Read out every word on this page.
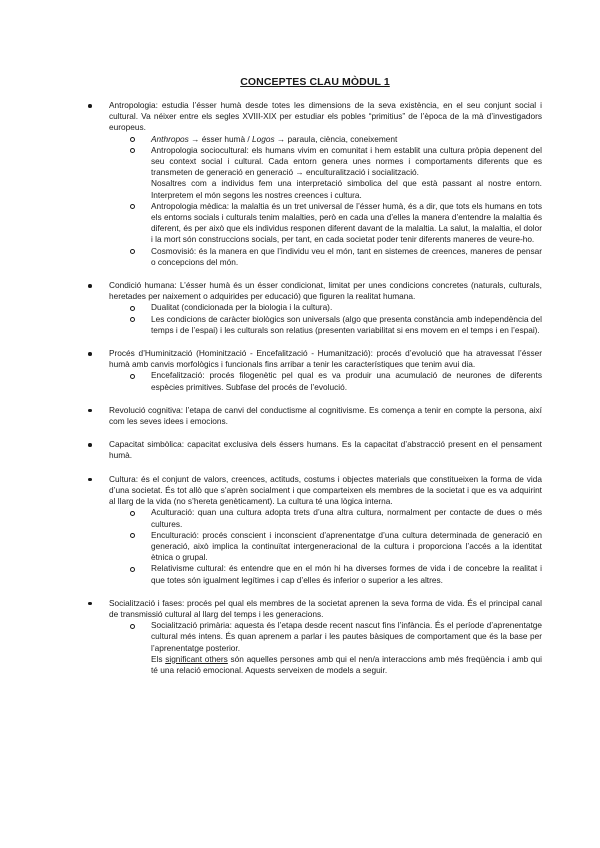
CONCEPTES CLAU MÒDUL 1
Antropologia: estudia l’ésser humà desde totes les dimensions de la seva existència, en el seu conjunt social i cultural. Va néixer entre els segles XVIII-XIX per estudiar els pobles “primitius” de l’època de la mà d’investigadors europeus.
Anthropos → ésser humà / Logos → paraula, ciència, coneixement
Antropologia sociocultural: els humans vivim en comunitat i hem establit una cultura pròpia depenent del seu context social i cultural. Cada entorn genera unes normes i comportaments diferents que es transmeten de generació en generació → enculturalització i socialització.
Nosaltres com a individus fem una interpretació simbolica del que està passant al nostre entorn. Interpretem el món segons les nostres creences i cultura.
Antropologia mèdica: la malaltia és un tret universal de l’ésser humà, és a dir, que tots els humans en tots els entorns socials i culturals tenim malalties, però en cada una d’elles la manera d’entendre la malaltia és diferent, és per això que els individus responen diferent davant de la malaltia. La salut, la malaltia, el dolor i la mort són construccions socials, per tant, en cada societat poder tenir diferents maneres de veure-ho.
Cosmovisió: és la manera en que l’individu veu el món, tant en sistemes de creences, maneres de pensar o concepcions del món.
Condició humana: L’ésser humà és un ésser condicionat, limitat per unes condicions concretes (naturals, culturals, heretades per naixement o adquirides per educació) que figuren la realitat humana.
Dualitat (condicionada per la biologia i la cultura).
Les condicions de caràcter biològics son universals (algo que presenta constància amb independència del temps i de l’espai) i les culturals son relatius (presenten variabilitat si ens movem en el temps i en l’espai).
Procés d’Huminització (Hominització - Encefalització - Humanització): procés d’evolució que ha atravessat l’ésser humà amb canvis morfològics i funcionals fins arribar a tenir les característiques que tenim avui dia.
Encefalització: procés filogenètic pel qual es va produir una acumulació de neurones de diferents espècies primitives. Subfase del procés de l’evolució.
Revolució cognitiva: l’etapa de canvi del conductisme al cognitivisme. Es comença a tenir en compte la persona, així com les seves idees i emocions.
Capacitat simbòlica: capacitat exclusiva dels éssers humans. Es la capacitat d’abstracció present en el pensament humà.
Cultura: és el conjunt de valors, creences, actituds, costums i objectes materials que constitueixen la forma de vida d’una societat. És tot allò que s’aprèn socialment i que comparteixen els membres de la societat i que es va adquirint al llarg de la vida (no s’hereta genèticament). La cultura té una lògica interna.
Aculturació: quan una cultura adopta trets d’una altra cultura, normalment per contacte de dues o més cultures.
Enculturació: procés conscient i inconscient d’aprenentatge d’una cultura determinada de generació en generació, això implica la continuïtat intergeneracional de la cultura i proporciona l’accés a la identitat ètnica o grupal.
Relativisme cultural: és entendre que en el món hi ha diverses formes de vida i de concebre la realitat i que totes són igualment legítimes i cap d’elles és inferior o superior a les altres.
Socialització i fases: procés pel qual els membres de la societat aprenen la seva forma de vida. És el principal canal de transmissió cultural al llarg del temps i les generacions.
Socialització primària: aquesta és l’etapa desde recent nascut fins l’infància. És el període d’aprenentatge cultural més intens. És quan aprenem a parlar i les pautes bàsiques de comportament que és la base per l’aprenentatge posterior.
Els significant others són aquelles persones amb qui el nen/a interaccions amb més freqüència i amb qui té una relació emocional. Aquests serveixen de models a seguir.
